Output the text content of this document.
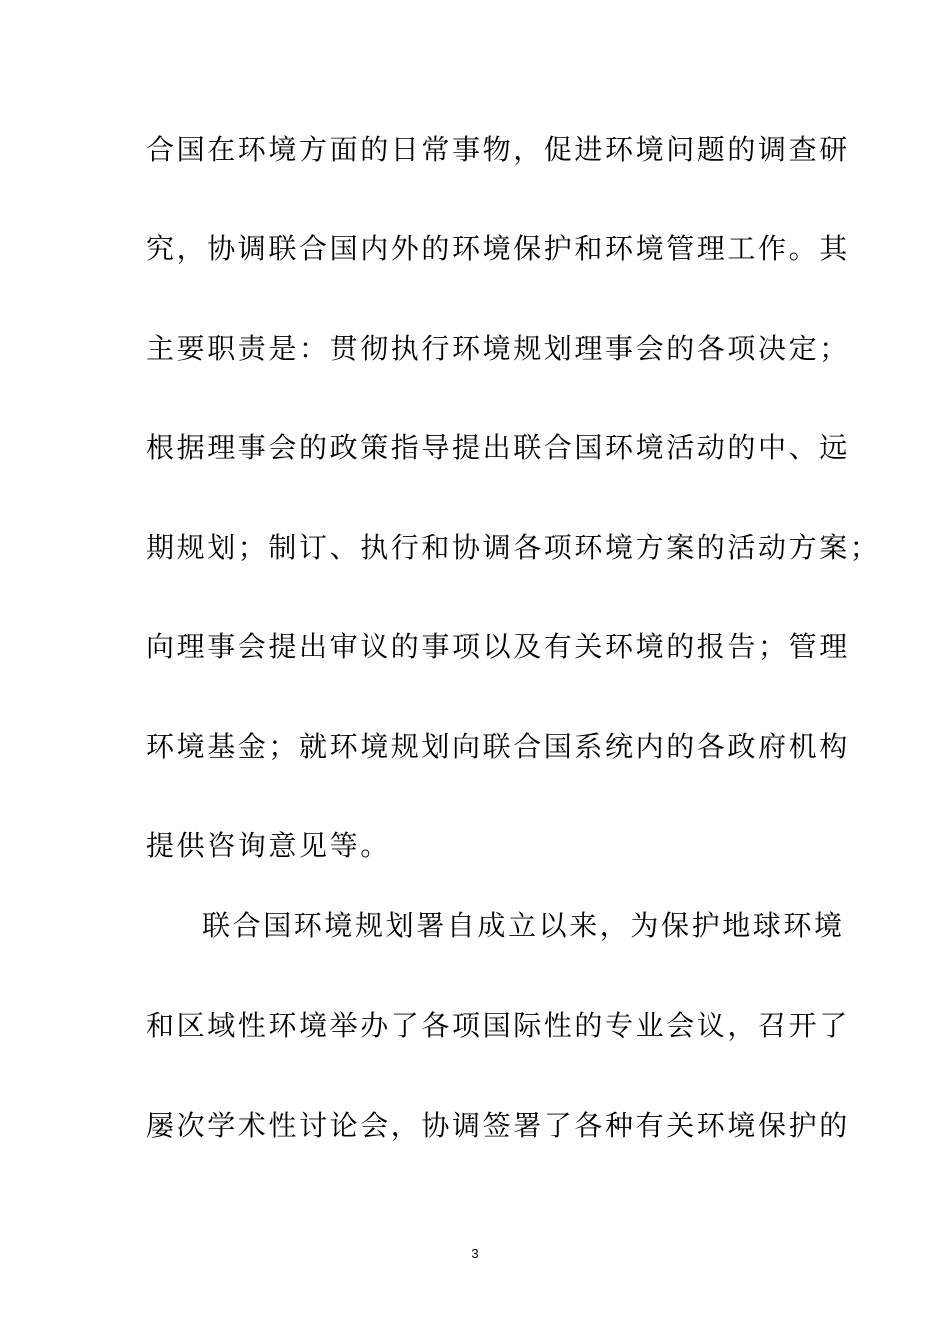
合国在环境方面的日常事物，促进环境问题的调查研
究，协调联合国内外的环境保护和环境管理工作。其
主要职责是：贯彻执行环境规划理事会的各项决定；
根据理事会的政策指导提出联合国环境活动的中、远
期规划；制订、执行和协调各项环境方案的活动方案；
向理事会提出审议的事项以及有关环境的报告；管理
环境基金；就环境规划向联合国系统内的各政府机构
提供咨询意见等。
联合国环境规划署自成立以来，为保护地球环境
和区域性环境举办了各项国际性的专业会议，召开了
屡次学术性讨论会，协调签署了各种有关环境保护的
3
